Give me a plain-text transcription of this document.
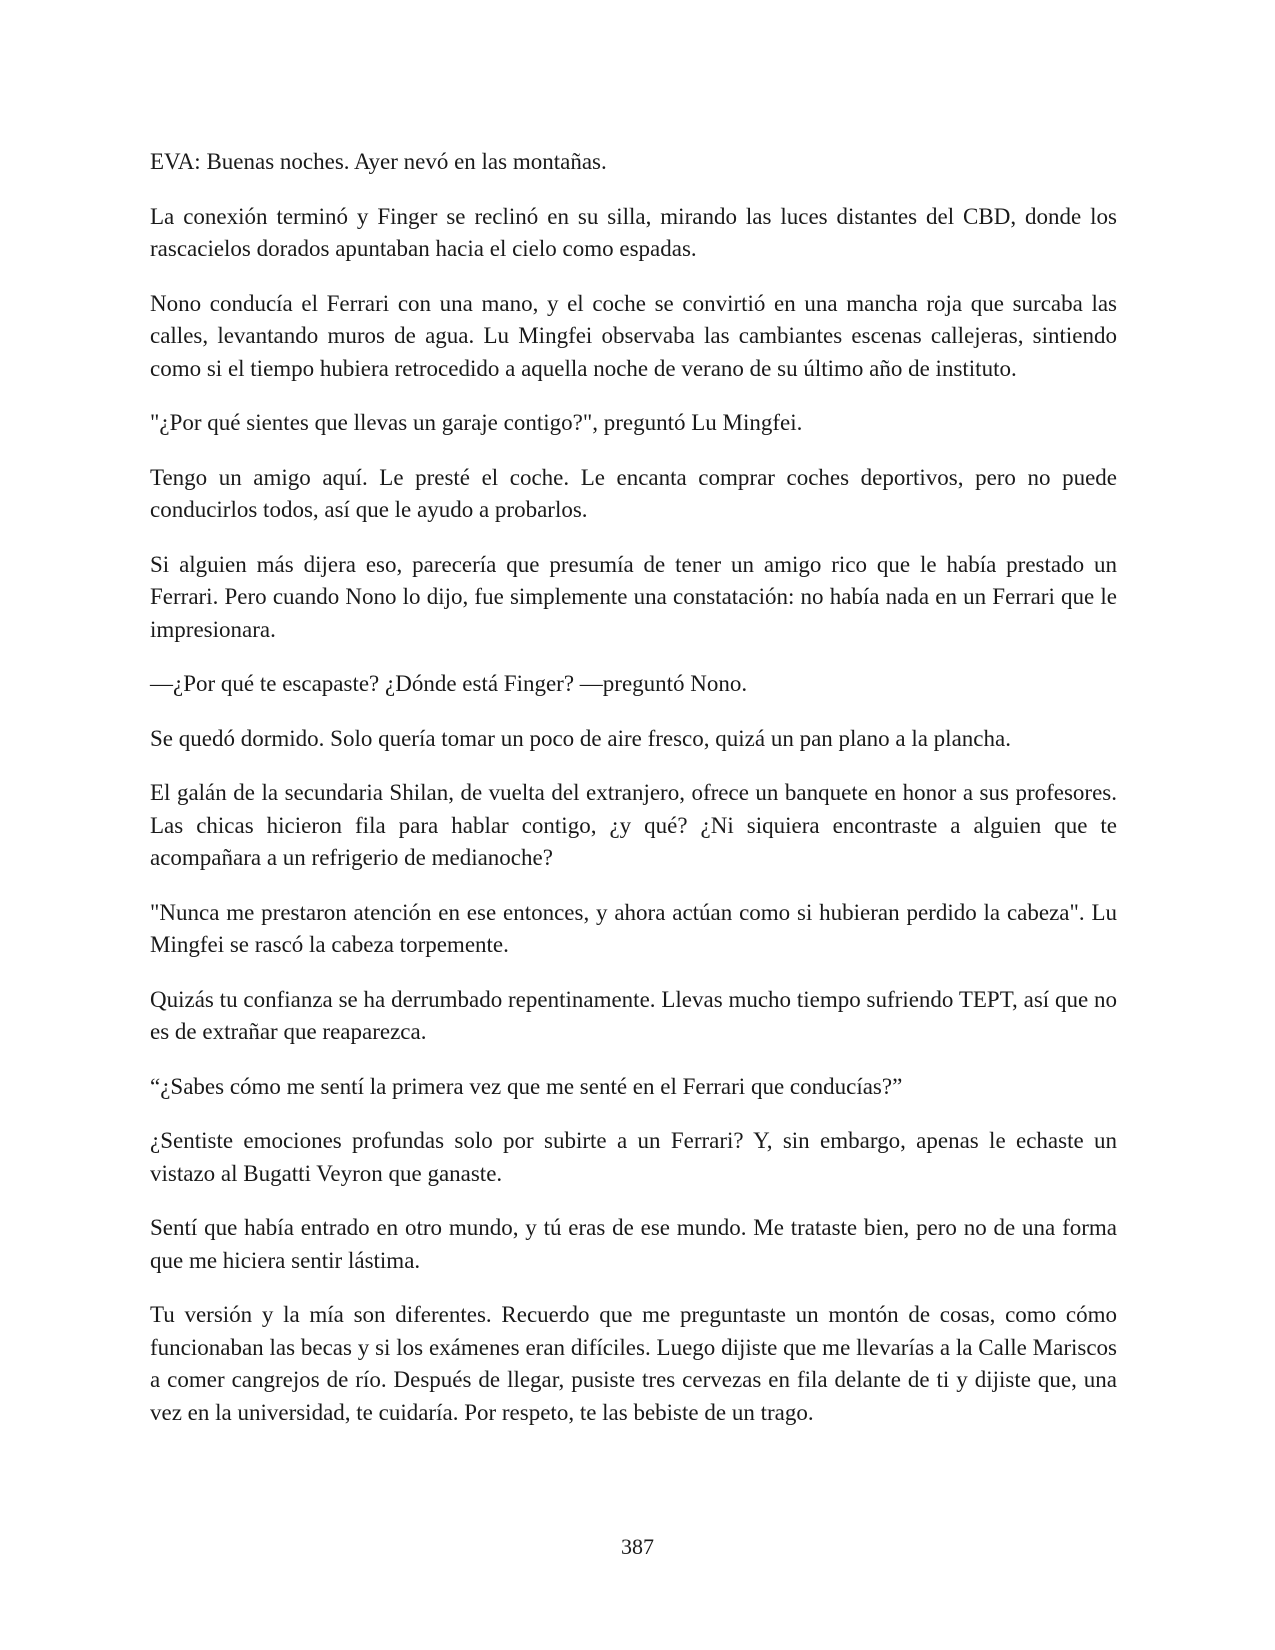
EVA: Buenas noches. Ayer nevó en las montañas.

La conexión terminó y Finger se reclinó en su silla, mirando las luces distantes del CBD, donde los rascacielos dorados apuntaban hacia el cielo como espadas.

Nono conducía el Ferrari con una mano, y el coche se convirtió en una mancha roja que surcaba las calles, levantando muros de agua. Lu Mingfei observaba las cambiantes escenas callejeras, sintiendo como si el tiempo hubiera retrocedido a aquella noche de verano de su último año de instituto.

"¿Por qué sientes que llevas un garaje contigo?", preguntó Lu Mingfei.

Tengo un amigo aquí. Le presté el coche. Le encanta comprar coches deportivos, pero no puede conducirlos todos, así que le ayudo a probarlos.

Si alguien más dijera eso, parecería que presumía de tener un amigo rico que le había prestado un Ferrari. Pero cuando Nono lo dijo, fue simplemente una constatación: no había nada en un Ferrari que le impresionara.

—¿Por qué te escapaste? ¿Dónde está Finger? —preguntó Nono.

Se quedó dormido. Solo quería tomar un poco de aire fresco, quizá un pan plano a la plancha.

El galán de la secundaria Shilan, de vuelta del extranjero, ofrece un banquete en honor a sus profesores. Las chicas hicieron fila para hablar contigo, ¿y qué? ¿Ni siquiera encontraste a alguien que te acompañara a un refrigerio de medianoche?

"Nunca me prestaron atención en ese entonces, y ahora actúan como si hubieran perdido la cabeza". Lu Mingfei se rascó la cabeza torpemente.

Quizás tu confianza se ha derrumbado repentinamente. Llevas mucho tiempo sufriendo TEPT, así que no es de extrañar que reaparezca.

“¿Sabes cómo me sentí la primera vez que me senté en el Ferrari que conducías?”

¿Sentiste emociones profundas solo por subirte a un Ferrari? Y, sin embargo, apenas le echaste un vistazo al Bugatti Veyron que ganaste.

Sentí que había entrado en otro mundo, y tú eras de ese mundo. Me trataste bien, pero no de una forma que me hiciera sentir lástima.

Tu versión y la mía son diferentes. Recuerdo que me preguntaste un montón de cosas, como cómo funcionaban las becas y si los exámenes eran difíciles. Luego dijiste que me llevarías a la Calle Mariscos a comer cangrejos de río. Después de llegar, pusiste tres cervezas en fila delante de ti y dijiste que, una vez en la universidad, te cuidaría. Por respeto, te las bebiste de un trago.

387
